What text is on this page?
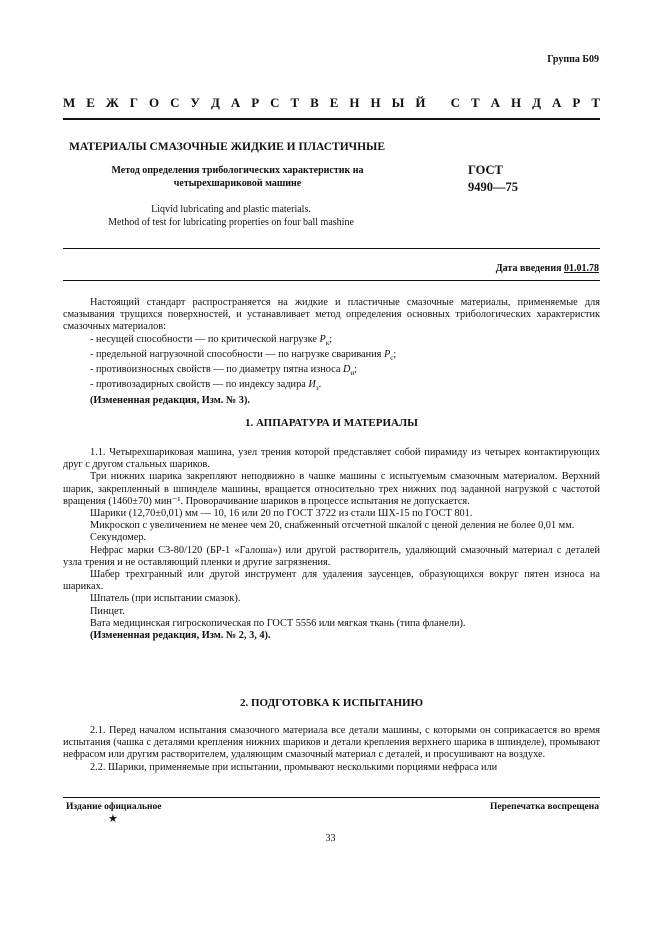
Группа Б09
М Е Ж Г О С У Д А Р С Т В Е Н Н Ы Й
С Т А Н Д А Р Т
МАТЕРИАЛЫ СМАЗОЧНЫЕ ЖИДКИЕ И ПЛАСТИЧНЫЕ
Метод определения трибологических характеристик на четырехшариковой машине
ГОСТ
9490—75
Liqvid lubricating and plastic materials.
Method of test for lubricating properties on four ball mashine
Дата введения 01.01.78

Настоящий стандарт распространяется на жидкие и пластичные смазочные материалы, применяемые для смазывания трущихся поверхностей, и устанавливает метод определения основных трибологических характеристик смазочных материалов:

- несущей способности — по критической нагрузке $P_к$;

- предельной нагрузочной способности — по нагрузке сваривания $P_с$;

- противоизносных свойств — по диаметру пятна износа $D_и$;

- противозадирных свойств — по индексу задира $И_з$.

(Измененная редакция, Изм. № 3).

1. АППАРАТУРА И МАТЕРИАЛЫ

1.1. Четырехшариковая машина, узел трения которой представляет собой пирамиду из четырех контактирующих друг с другом стальных шариков.

Три нижних шарика закрепляют неподвижно в чашке машины с испытуемым смазочным материалом. Верхний шарик, закрепленный в шпинделе машины, вращается относительно трех нижних под заданной нагрузкой с частотой вращения (1460±70) мин⁻¹. Проворачивание шариков в процессе испытания не допускается.

Шарики (12,70±0,01) мм — 10, 16 или 20 по ГОСТ 3722 из стали ШХ-15 по ГОСТ 801.

Микроскоп с увеличением не менее чем 20, снабженный отсчетной шкалой с ценой деления не более 0,01 мм.

Секундомер.

Нефрас марки С3-80/120 (БР-1 «Галоша») или другой растворитель, удаляющий смазочный материал с деталей узла трения и не оставляющий пленки и другие загрязнения.

Шабер трехгранный или другой инструмент для удаления заусенцев, образующихся вокруг пятен износа на шариках.

Шпатель (при испытании смазок).

Пинцет.

Вата медицинская гигроскопическая по ГОСТ 5556 или мягкая ткань (типа фланели).

(Измененная редакция, Изм. № 2, 3, 4).

2. ПОДГОТОВКА К ИСПЫТАНИЮ

2.1. Перед началом испытания смазочного материала все детали машины, с которыми он соприкасается во время испытания (чашка с деталями крепления нижних шариков и детали крепления верхнего шарика в шпинделе), промывают нефрасом или другим растворителем, удаляющим смазочный материал с деталей, и просушивают на воздухе.

2.2. Шарики, применяемые при испытании, промывают несколькими порциями нефраса или

Издание официальное
★
Перепечатка воспрещена
33
